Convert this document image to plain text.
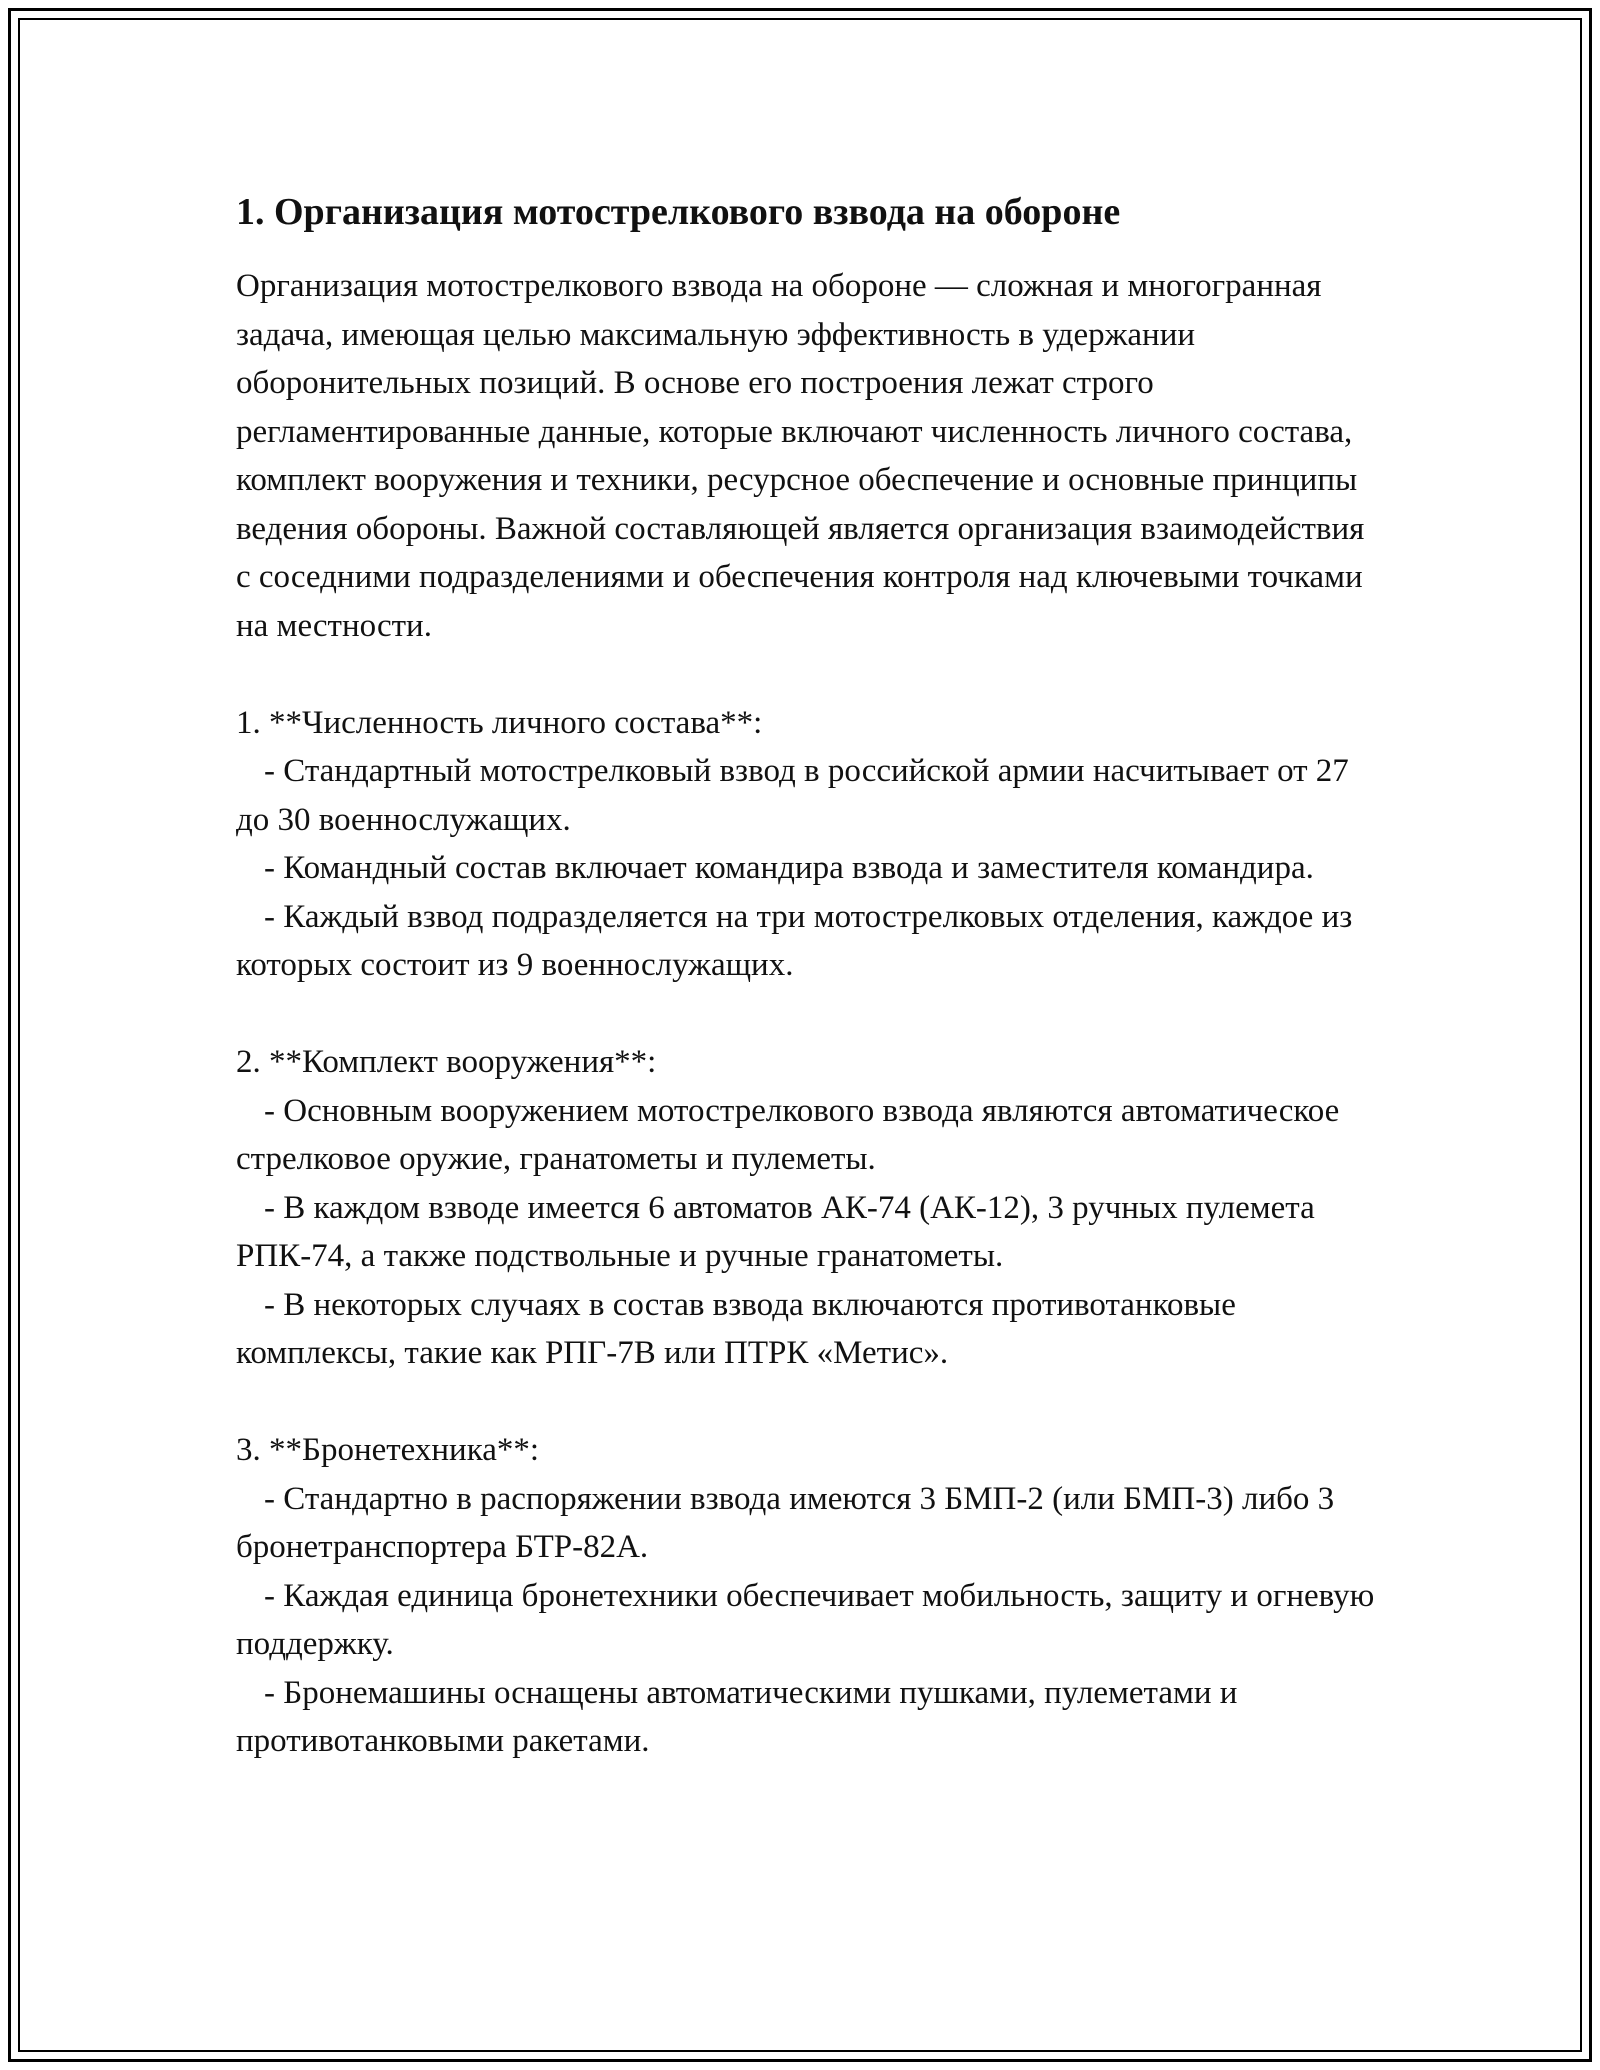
1. Организация мотострелкового взвода на обороне

Организация мотострелкового взвода на обороне — сложная и многогранная задача, имеющая целью максимальную эффективность в удержании оборонительных позиций. В основе его построения лежат строго регламентированные данные, которые включают численность личного состава, комплект вооружения и техники, ресурсное обеспечение и основные принципы ведения обороны. Важной составляющей является организация взаимодействия с соседними подразделениями и обеспечения контроля над ключевыми точками на местности.

1. **Численность личного состава**:

- Стандартный мотострелковый взвод в российской армии насчитывает от 27 до 30 военнослужащих.

- Командный состав включает командира взвода и заместителя командира.

- Каждый взвод подразделяется на три мотострелковых отделения, каждое из которых состоит из 9 военнослужащих.

2. **Комплект вооружения**:

- Основным вооружением мотострелкового взвода являются автоматическое стрелковое оружие, гранатометы и пулеметы.

- В каждом взводе имеется 6 автоматов АК-74 (АК-12), 3 ручных пулемета РПК-74, а также подствольные и ручные гранатометы.

- В некоторых случаях в состав взвода включаются противотанковые комплексы, такие как РПГ-7В или ПТРК «Метис».

3. **Бронетехника**:

- Стандартно в распоряжении взвода имеются 3 БМП-2 (или БМП-3) либо 3 бронетранспортера БТР-82А.

- Каждая единица бронетехники обеспечивает мобильность, защиту и огневую поддержку.

- Бронемашины оснащены автоматическими пушками, пулеметами и противотанковыми ракетами.
